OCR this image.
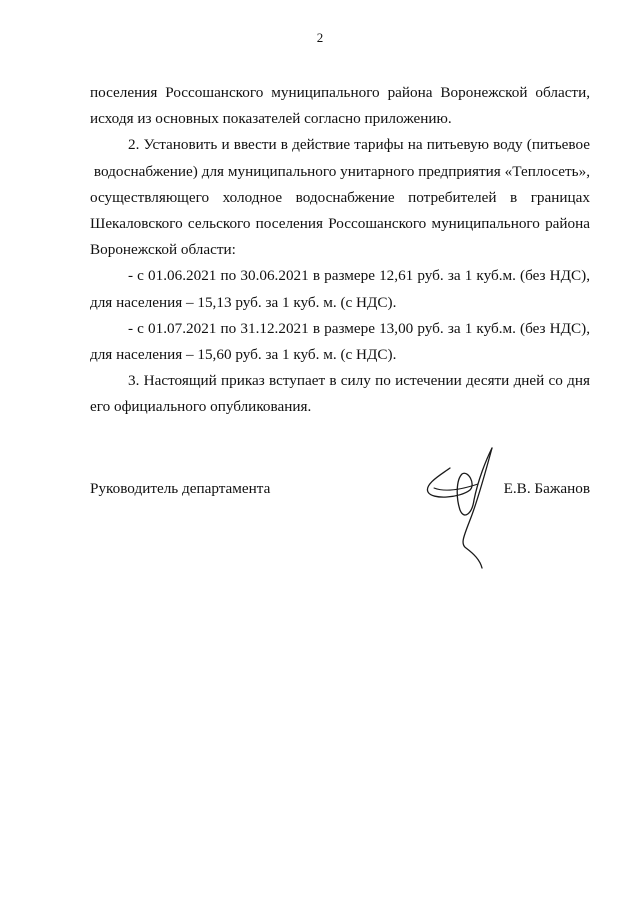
2
поселения Россошанского муниципального района Воронежской области,
исходя из основных показателей согласно приложению.
2. Установить и ввести в действие тарифы на питьевую воду (питьевое
водоснабжение) для муниципального унитарного предприятия «Теплосеть»,
осуществляющего холодное водоснабжение потребителей в границах
Шекаловского сельского поселения Россошанского муниципального района
Воронежской области:
- с 01.06.2021 по 30.06.2021 в размере 12,61 руб. за 1 куб.м. (без НДС),
для населения – 15,13 руб. за 1 куб. м. (с НДС).
- с 01.07.2021 по 31.12.2021 в размере 13,00 руб. за 1 куб.м. (без НДС),
для населения – 15,60 руб. за 1 куб. м. (с НДС).
3. Настоящий приказ вступает в силу по истечении десяти дней со дня
его официального опубликования.
Руководитель департамента	Е.В. Бажанов
